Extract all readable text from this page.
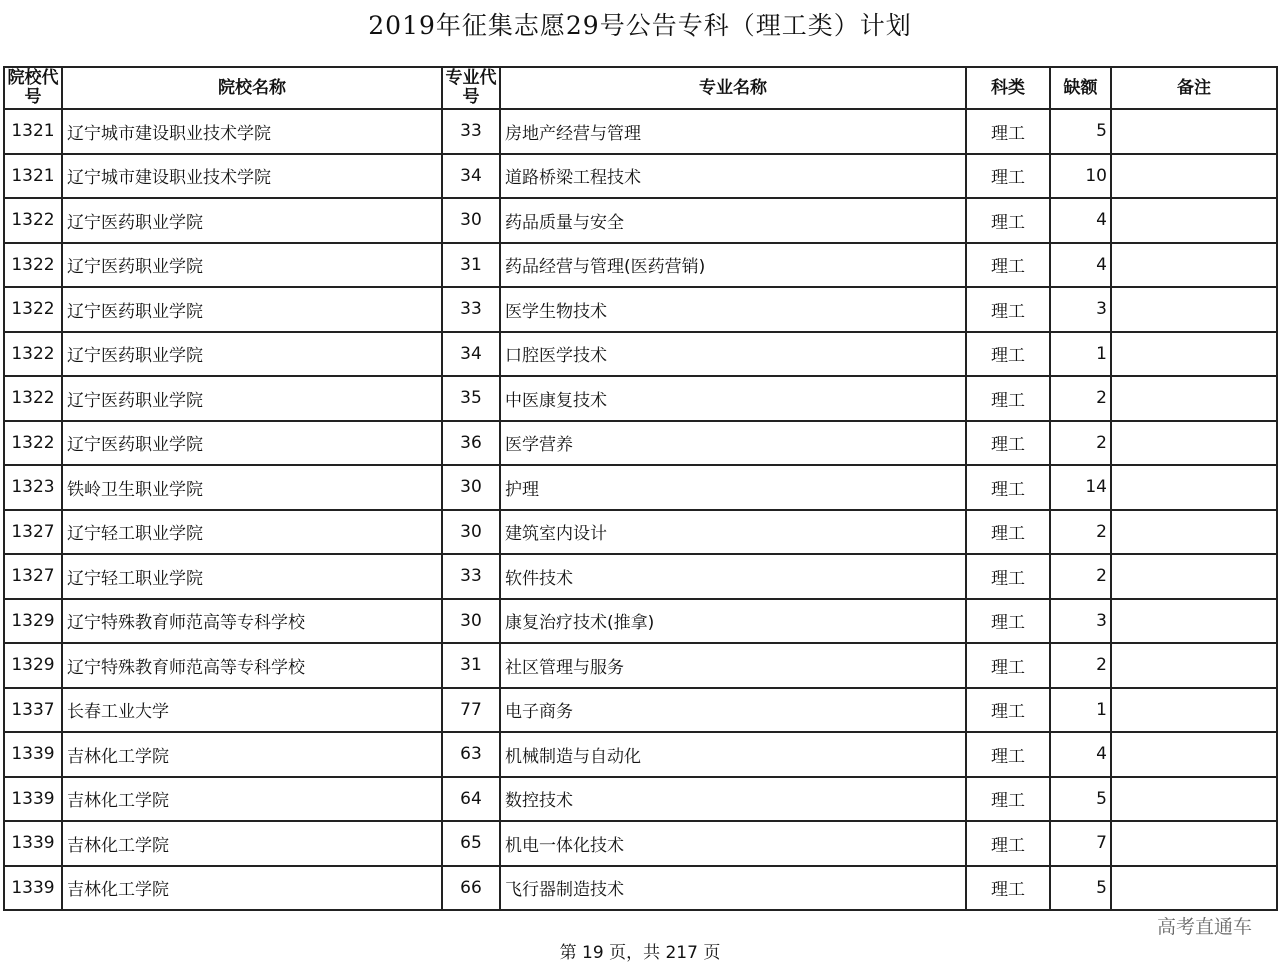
2019年征集志愿29号公告专科（理工类）计划
院校代号	院校名称	专业代号	专业名称	科类	缺额	备注
1321	辽宁城市建设职业技术学院	33	房地产经营与管理	理工	5	
1321	辽宁城市建设职业技术学院	34	道路桥梁工程技术	理工	10	
1322	辽宁医药职业学院	30	药品质量与安全	理工	4	
1322	辽宁医药职业学院	31	药品经营与管理(医药营销)	理工	4	
1322	辽宁医药职业学院	33	医学生物技术	理工	3	
1322	辽宁医药职业学院	34	口腔医学技术	理工	1	
1322	辽宁医药职业学院	35	中医康复技术	理工	2	
1322	辽宁医药职业学院	36	医学营养	理工	2	
1323	铁岭卫生职业学院	30	护理	理工	14	
1327	辽宁轻工职业学院	30	建筑室内设计	理工	2	
1327	辽宁轻工职业学院	33	软件技术	理工	2	
1329	辽宁特殊教育师范高等专科学校	30	康复治疗技术(推拿)	理工	3	
1329	辽宁特殊教育师范高等专科学校	31	社区管理与服务	理工	2	
1337	长春工业大学	77	电子商务	理工	1	
1339	吉林化工学院	63	机械制造与自动化	理工	4	
1339	吉林化工学院	64	数控技术	理工	5	
1339	吉林化工学院	65	机电一体化技术	理工	7	
1339	吉林化工学院	66	飞行器制造技术	理工	5	
高考直通车
第 19 页，共 217 页
